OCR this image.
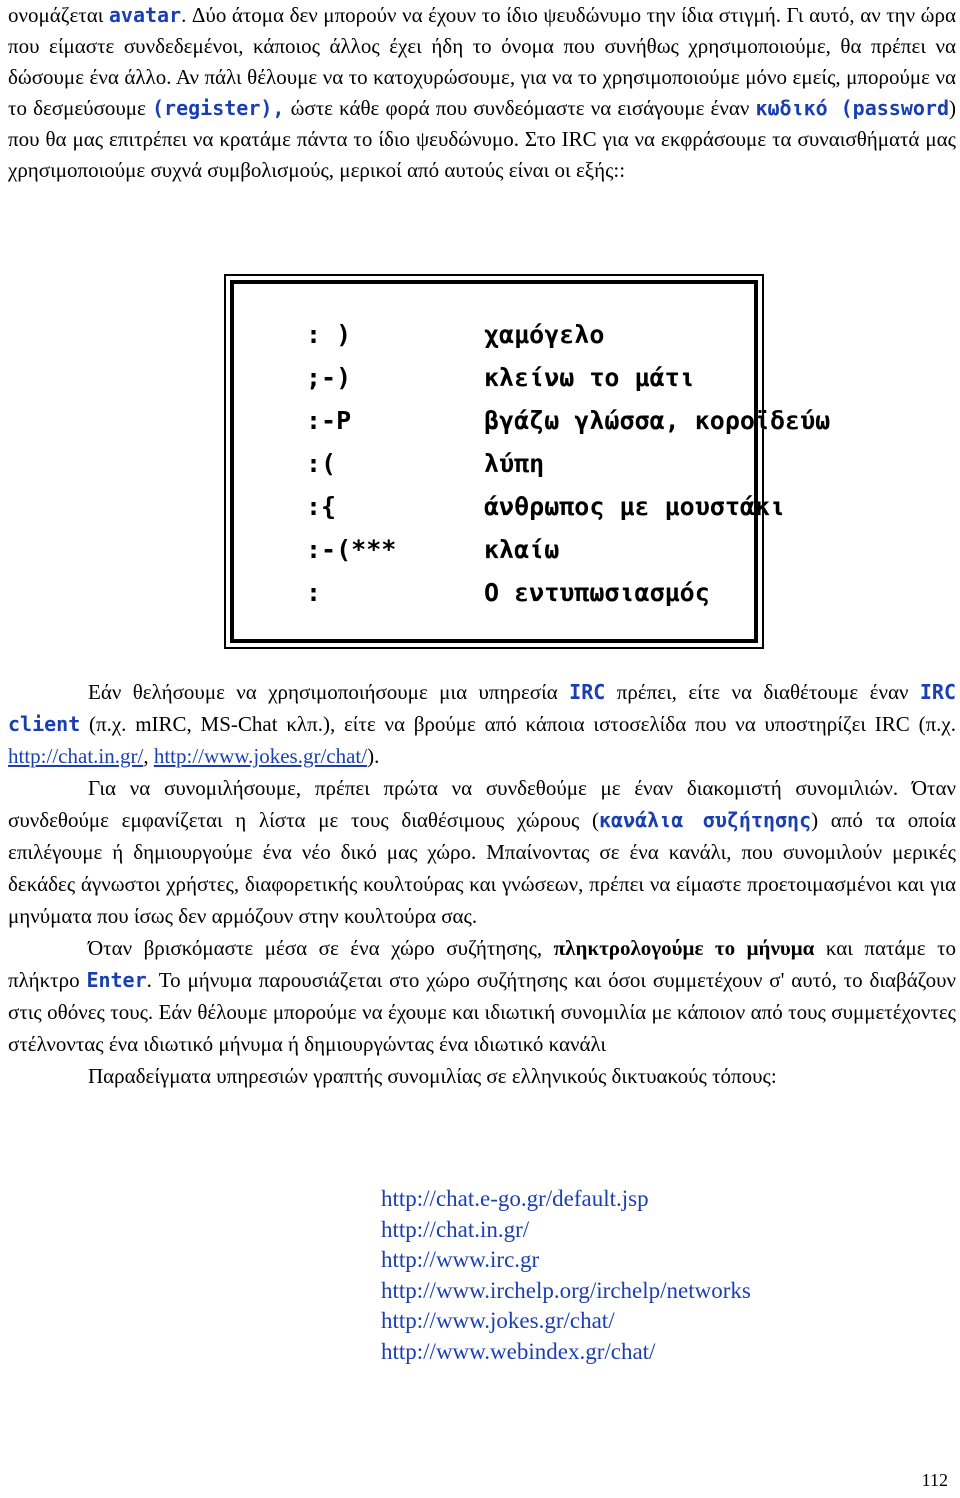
ονομάζεται avatar. Δύο άτομα δεν μπορούν να έχουν το ίδιο ψευδώνυμο την ίδια στιγμή. Γι αυτό, αν την ώρα που είμαστε συνδεδεμένοι, κάποιος άλλος έχει ήδη το όνομα που συνήθως χρησιμοποιούμε, θα πρέπει να δώσουμε ένα άλλο. Αν πάλι θέλουμε να το κατοχυρώσουμε, για να το χρησιμοποιούμε μόνο εμείς, μπορούμε να το δεσμεύσουμε (register), ώστε κάθε φορά που συνδεόμαστε να εισάγουμε έναν κωδικό (password) που θα μας επιτρέπει να κρατάμε πάντα το ίδιο ψευδώνυμο. Στο IRC για να εκφράσουμε τα συναισθήματά μας χρησιμοποιούμε συχνά συμβολισμούς, μερικοί από αυτούς είναι οι εξής::

: )	χαμόγελο
;-)	κλείνω το μάτι
:-P	βγάζω γλώσσα, κοροϊδεύω
:(	λύπη
:{	άνθρωπος με μουστάκι
:-(***	κλαίω
:	Ο εντυπωσιασμός

Εάν θελήσουμε να χρησιμοποιήσουμε μια υπηρεσία IRC πρέπει, είτε να διαθέτουμε έναν IRC client (π.χ. mIRC, MS-Chat κλπ.), είτε να βρούμε από κάποια ιστοσελίδα που να υποστηρίζει IRC (π.χ. http://chat.in.gr/, http://www.jokes.gr/chat/).

Για να συνομιλήσουμε, πρέπει πρώτα να συνδεθούμε με έναν διακομιστή συνομιλιών. Όταν συνδεθούμε εμφανίζεται η λίστα με τους διαθέσιμους χώρους (κανάλια συζήτησης) από τα οποία επιλέγουμε ή δημιουργούμε ένα νέο δικό μας χώρο. Μπαίνοντας σε ένα κανάλι, που συνομιλούν μερικές δεκάδες άγνωστοι χρήστες, διαφορετικής κουλτούρας και γνώσεων, πρέπει να είμαστε προετοιμασμένοι και για μηνύματα που ίσως δεν αρμόζουν στην κουλτούρα σας.

Όταν βρισκόμαστε μέσα σε ένα χώρο συζήτησης, πληκτρολογούμε το μήνυμα και πατάμε το πλήκτρο Enter. Το μήνυμα παρουσιάζεται στο χώρο συζήτησης και όσοι συμμετέχουν σ' αυτό, το διαβάζουν στις οθόνες τους. Εάν θέλουμε μπορούμε να έχουμε και ιδιωτική συνομιλία με κάποιον από τους συμμετέχοντες στέλνοντας ένα ιδιωτικό μήνυμα ή δημιουργώντας ένα ιδιωτικό κανάλι

Παραδείγματα υπηρεσιών γραπτής συνομιλίας σε ελληνικούς δικτυακούς τόπους:

http://chat.e-go.gr/default.jsp
http://chat.in.gr/
http://www.irc.gr
http://www.irchelp.org/irchelp/networks
http://www.jokes.gr/chat/
http://www.webindex.gr/chat/
112
